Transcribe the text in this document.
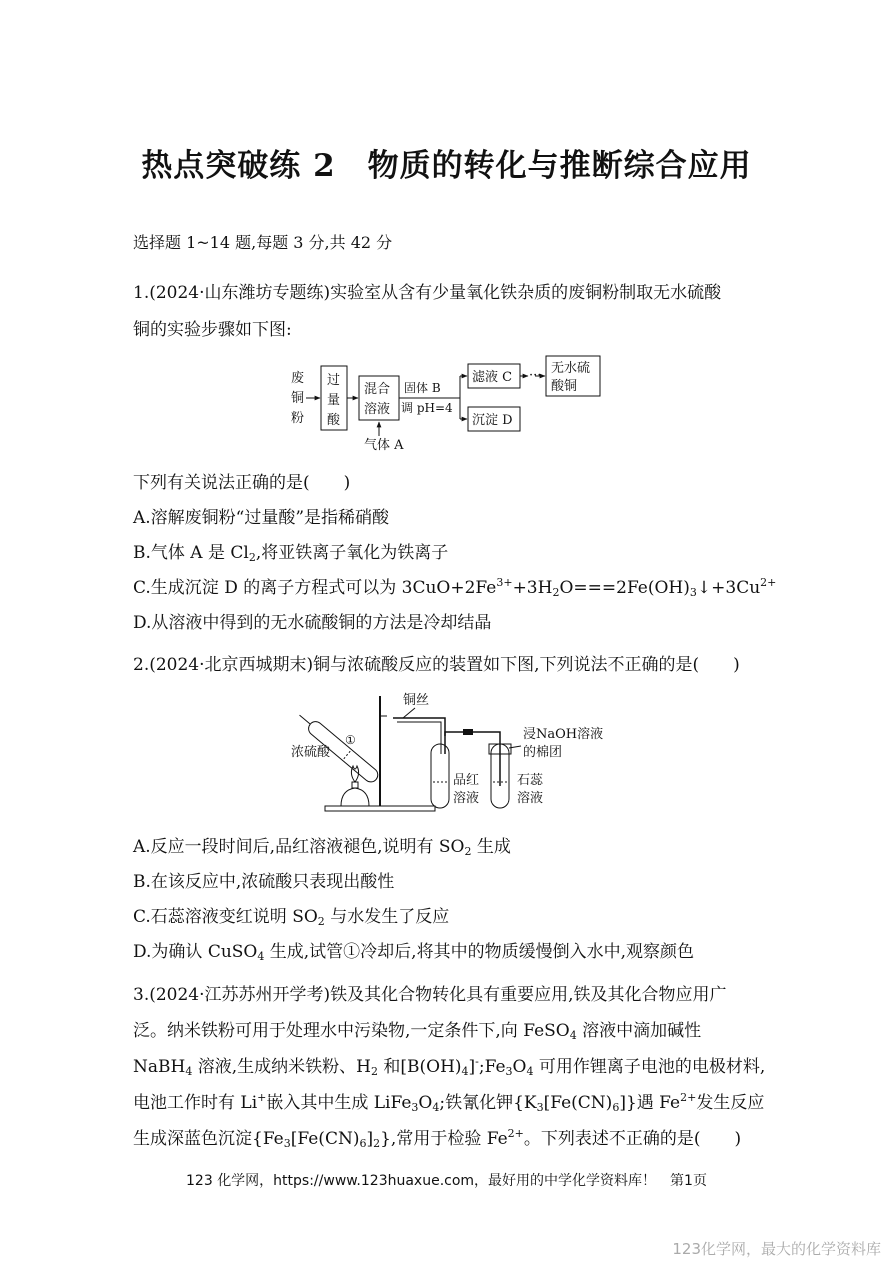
热点突破练 2　物质的转化与推断综合应用
选择题 1~14 题,每题 3 分,共 42 分
1.(2024·山东潍坊专题练)实验室从含有少量氧化铁杂质的废铜粉制取无水硫酸
铜的实验步骤如下图:
废
铜
粉
过
量
酸
混合
溶液
气体 A
固体 B
调 pH=4
滤液 C ··· 无水硫
酸铜
沉淀 D
下列有关说法正确的是(　　)
A.溶解废铜粉“过量酸”是指稀硝酸
B.气体 A 是 $Cl_2$,将亚铁离子氧化为铁离子
C.生成沉淀 D 的离子方程式可以为 $3CuO+2Fe^{3+}+3H_2O===2Fe(OH)_3↓+3Cu^{2+}$
D.从溶液中得到的无水硫酸铜的方法是冷却结晶
2.(2024·北京西城期末)铜与浓硫酸反应的装置如下图,下列说法不正确的是(　　)
铜丝
①
浓硫酸
品红
溶液
浸NaOH溶液
的棉团
石蕊
溶液
A.反应一段时间后,品红溶液褪色,说明有 $SO_2$ 生成
B.在该反应中,浓硫酸只表现出酸性
C.石蕊溶液变红说明 $SO_2$ 与水发生了反应
D.为确认 CuSO$_4$ 生成,试管①冷却后,将其中的物质缓慢倒入水中,观察颜色
3.(2024·江苏苏州开学考)铁及其化合物转化具有重要应用,铁及其化合物应用广
泛。纳米铁粉可用于处理水中污染物,一定条件下,向 FeSO$_4$ 溶液中滴加碱性
NaBH$_4$ 溶液,生成纳米铁粉、$H_2$ 和$[B(OH)_4]^-;Fe_3O_4$ 可用作锂离子电池的电极材料,
电池工作时有 Li+嵌入其中生成 $LiFe_3O_4$;铁氰化钾$\{K_3[Fe(CN)_6]\}$遇 $Fe^{2+}$发生反应
生成深蓝色沉淀$\{Fe_3[Fe(CN)_6]_2\}$,常用于检验 $Fe^{2+}$。下列表述不正确的是(　　)
123 化学网，https://www.123huaxue.com，最好用的中学化学资料库！　第1页
123化学网，最大的化学资料库
